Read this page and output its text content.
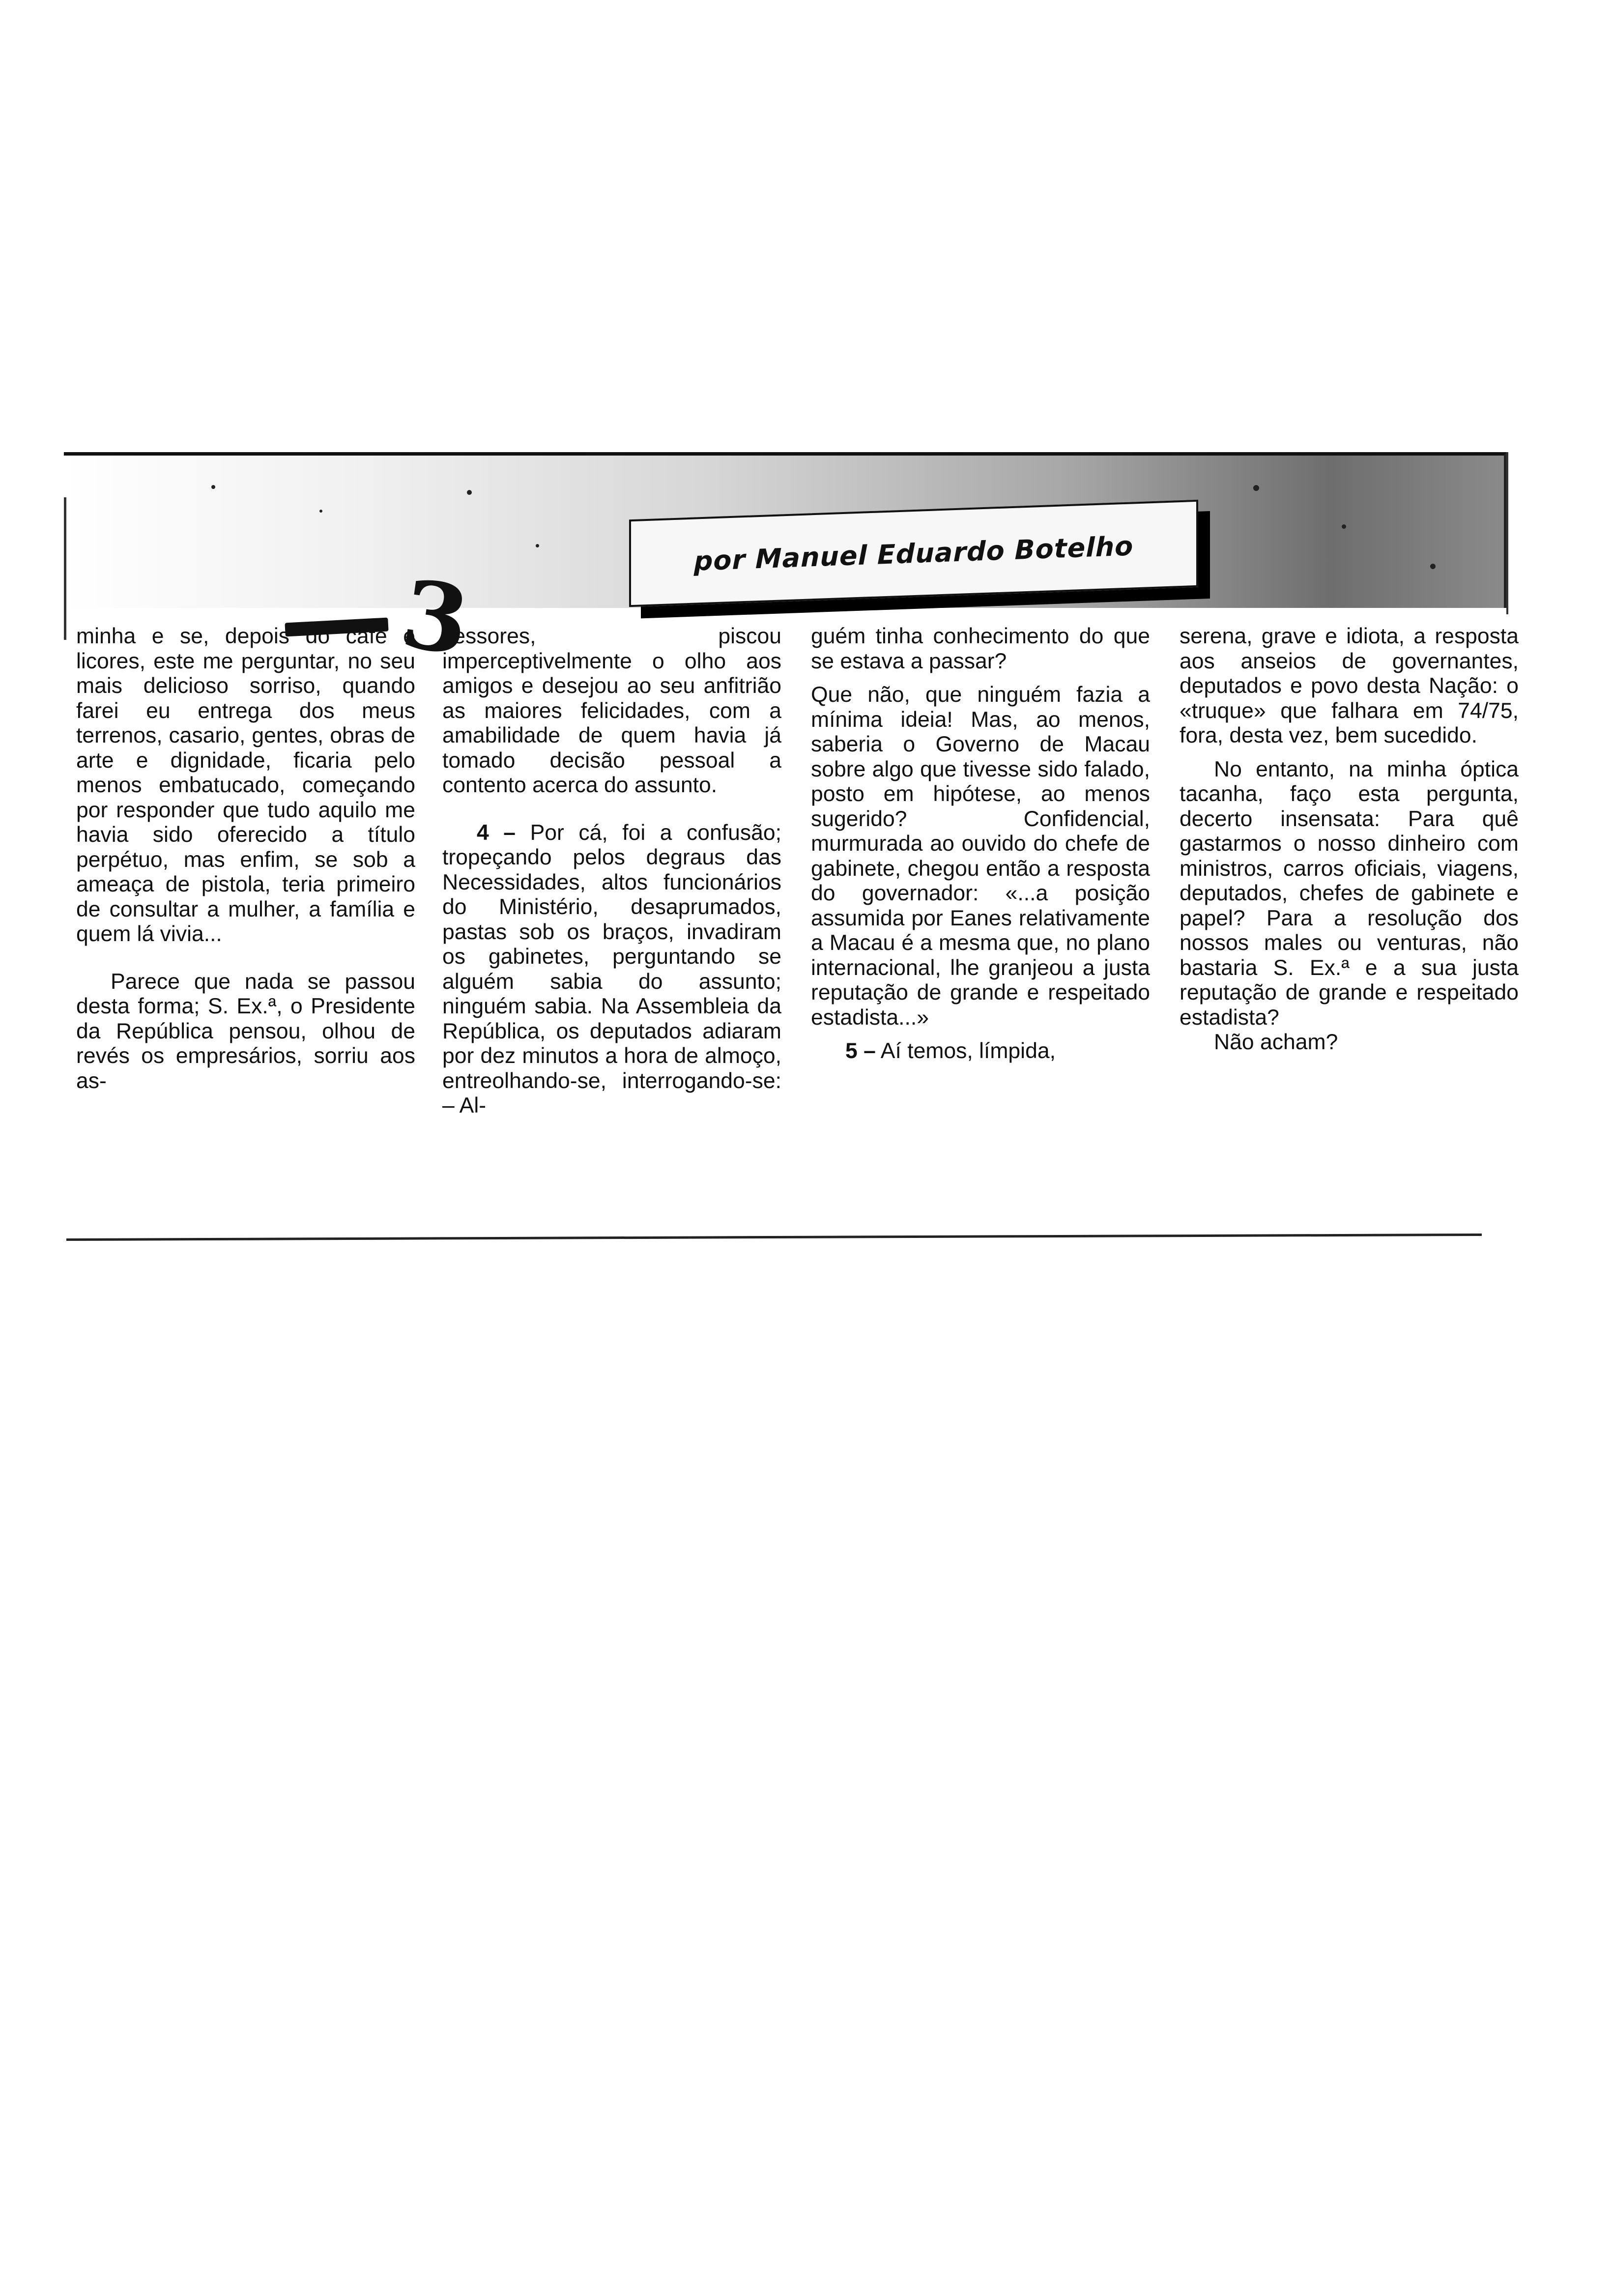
por Manuel Eduardo Botelho
3

minha e se, depois do café e licores, este me perguntar, no seu mais delicioso sorriso, quando farei eu entrega dos meus terrenos, casario, gentes, obras de arte e dignidade, ficaria pelo menos embatucado, começando por responder que tudo aquilo me havia sido oferecido a título perpétuo, mas enfim, se sob a ameaça de pistola, teria primeiro de consultar a mulher, a família e quem lá vivia...

Parece que nada se passou desta forma; S. Ex.ª, o Presidente da República pensou, olhou de revés os empresários, sorriu aos as-

sessores, piscou imperceptivelmente o olho aos amigos e desejou ao seu anfitrião as maiores felicidades, com a amabilidade de quem havia já tomado decisão pessoal a contento acerca do assunto.

4 – Por cá, foi a confusão; tropeçando pelos degraus das Necessidades, altos funcionários do Ministério, desaprumados, pastas sob os braços, invadiram os gabinetes, perguntando se alguém sabia do assunto; ninguém sabia. Na Assembleia da República, os deputados adiaram por dez minutos a hora de almoço, entreolhando-se, interrogando-se: – Al-

guém tinha conhecimento do que se estava a passar?

Que não, que ninguém fazia a mínima ideia! Mas, ao menos, saberia o Governo de Macau sobre algo que tivesse sido falado, posto em hipótese, ao menos sugerido? Confidencial, murmurada ao ouvido do chefe de gabinete, chegou então a resposta do governador: «...a posição assumida por Eanes relativamente a Macau é a mesma que, no plano internacional, lhe granjeou a justa reputação de grande e respeitado estadista...»

5 – Aí temos, límpida,

serena, grave e idiota, a resposta aos anseios de governantes, deputados e povo desta Nação: o «truque» que falhara em 74/75, fora, desta vez, bem sucedido.

No entanto, na minha óptica tacanha, faço esta pergunta, decerto insensata: Para quê gastarmos o nosso dinheiro com ministros, carros oficiais, viagens, deputados, chefes de gabinete e papel? Para a resolução dos nossos males ou venturas, não bastaria S. Ex.ª e a sua justa reputação de grande e respeitado estadista?

Não acham?
